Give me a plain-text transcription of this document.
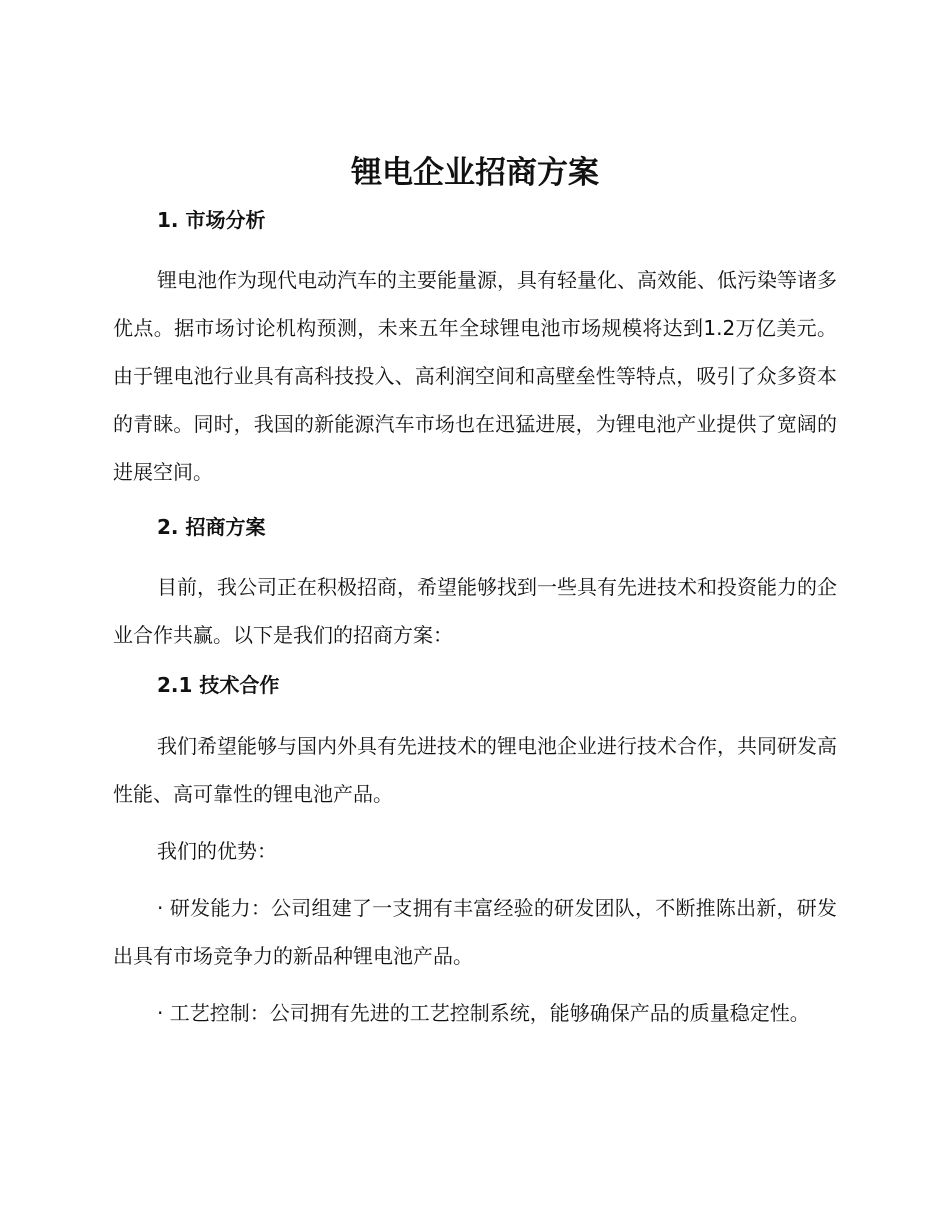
锂电企业招商方案

1. 市场分析

锂电池作为现代电动汽车的主要能量源，具有轻量化、高效能、低污染等诸多优点。据市场讨论机构预测，未来五年全球锂电池市场规模将达到1.2万亿美元。由于锂电池行业具有高科技投入、高利润空间和高壁垒性等特点，吸引了众多资本的青睐。同时，我国的新能源汽车市场也在迅猛进展，为锂电池产业提供了宽阔的进展空间。

2. 招商方案

目前，我公司正在积极招商，希望能够找到一些具有先进技术和投资能力的企业合作共赢。以下是我们的招商方案：

2.1 技术合作

我们希望能够与国内外具有先进技术的锂电池企业进行技术合作，共同研发高性能、高可靠性的锂电池产品。

我们的优势：

· 研发能力：公司组建了一支拥有丰富经验的研发团队，不断推陈出新，研发出具有市场竞争力的新品种锂电池产品。

· 工艺控制：公司拥有先进的工艺控制系统，能够确保产品的质量稳定性。
